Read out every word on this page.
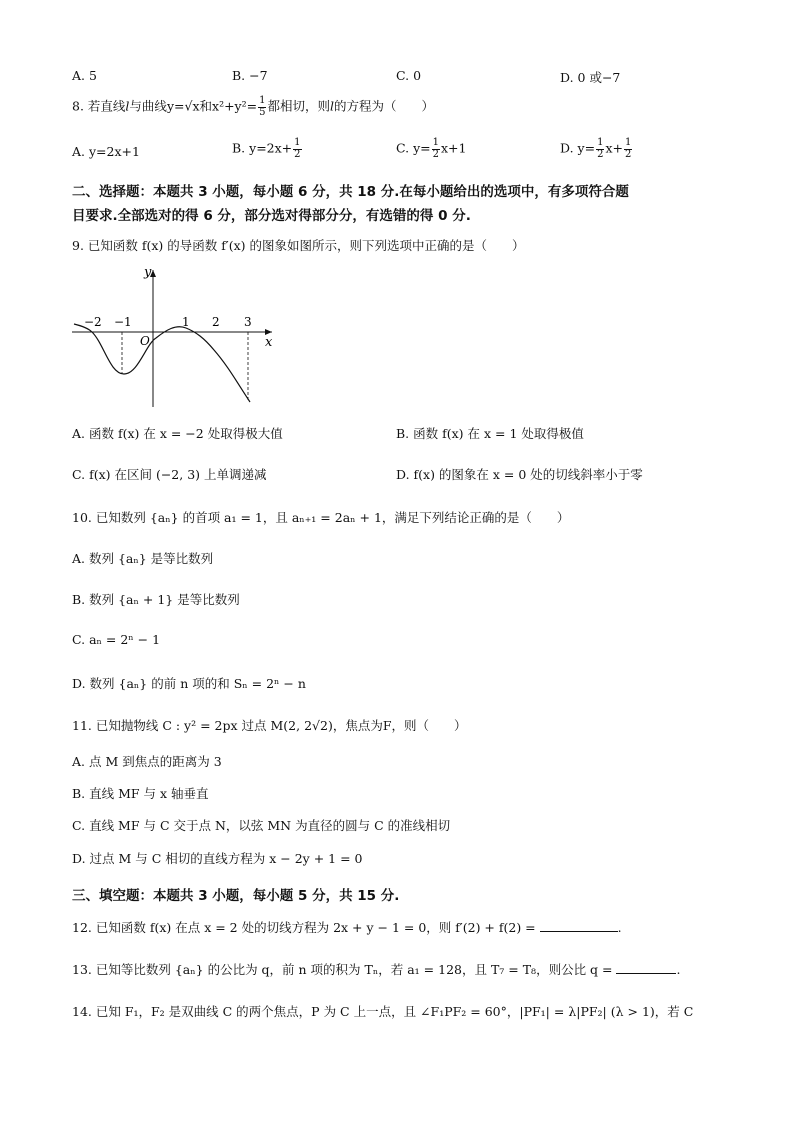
A. 5	B. −7	C. 0	D. 0 或−7
8. 若直线l与曲线y=√x和$x^2+y^2= \frac{1}{5}$ 都相切，则l的方程为（　　）
A. y=2x+1	B. $y=2x+ \frac{1}{2}$	C. $y= \frac{1}{2} x+1$	D. $y= \frac{1}{2} x+ \frac{1}{2}$
二、选择题：本题共 3 小题，每小题 6 分，共 18 分.在每小题给出的选项中，有多项符合题
目要求.全部选对的得 6 分，部分选对得部分分，有选错的得 0 分.
9. 已知函数 f(x) 的导函数 f′(x) 的图象如图所示，则下列选项中正确的是（　　）
y
x
O
−2 −1	1 2 3
A. 函数 f(x) 在 x = −2 处取得极大值	B. 函数 f(x) 在 x = 1 处取得极值
C. f(x) 在区间 (−2, 3) 上单调递减	D. f(x) 的图象在 x = 0 处的切线斜率小于零
10. 已知数列 {aₙ} 的首项 a₁ = 1，且 aₙ₊₁ = 2aₙ + 1，满足下列结论正确的是（　　）
A. 数列 {aₙ} 是等比数列
B. 数列 {aₙ + 1} 是等比数列
C. aₙ = 2ⁿ − 1
D. 数列 {aₙ} 的前 n 项的和 Sₙ = 2ⁿ − n
11. 已知抛物线 C : y² = 2px 过点 M(2, 2√2)，焦点为F，则（　　）
A. 点 M 到焦点的距离为 3
B. 直线 MF 与 x 轴垂直
C. 直线 MF 与 C 交于点 N，以弦 MN 为直径的圆与 C 的准线相切
D. 过点 M 与 C 相切的直线方程为 x − 2y + 1 = 0
三、填空题：本题共 3 小题，每小题 5 分，共 15 分.
12. 已知函数 f(x) 在点 x = 2 处的切线方程为 2x + y − 1 = 0，则 f′(2) + f(2) =	.
13. 已知等比数列 {aₙ} 的公比为 q，前 n 项的积为 Tₙ，若 a₁ = 128，且 T₇ = T₈，则公比 q =	.
14. 已知 F₁，F₂ 是双曲线 C 的两个焦点，P 为 C 上一点，且 ∠F₁PF₂ = 60°，|PF₁| = λ|PF₂| (λ > 1)，若 C
